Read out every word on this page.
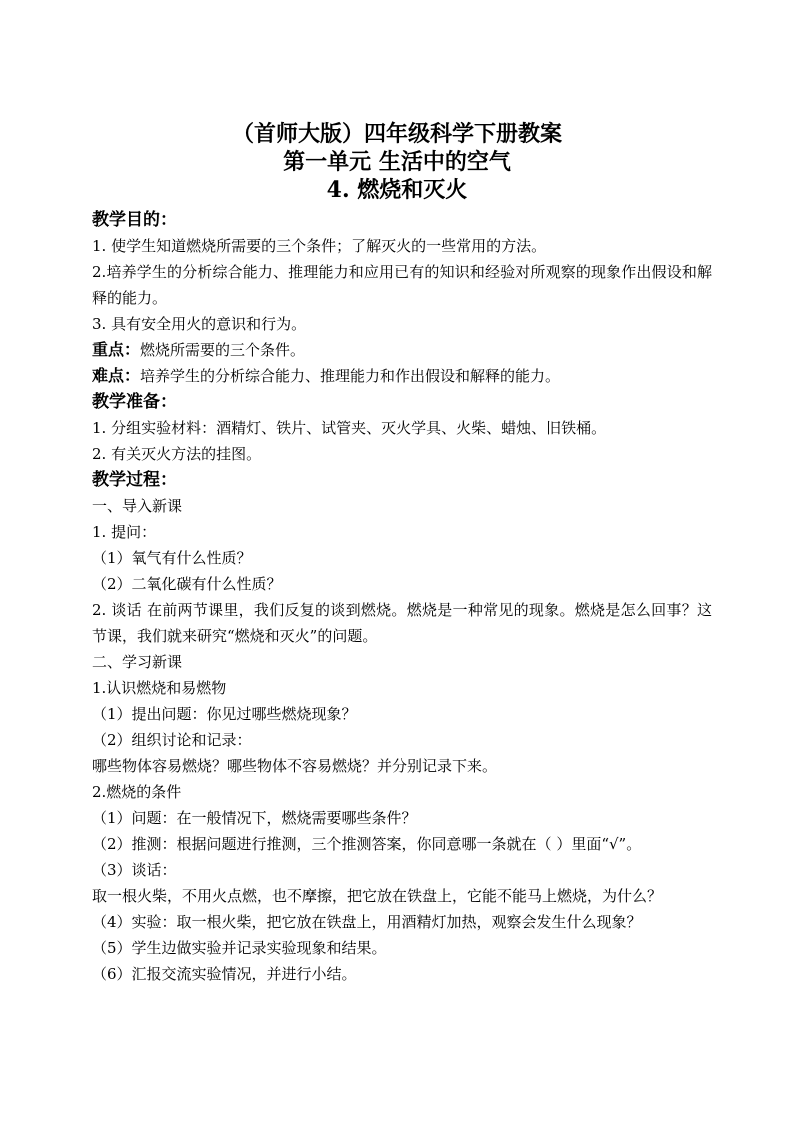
（首师大版）四年级科学下册教案
第一单元 生活中的空气
4. 燃烧和灭火
教学目的：
1. 使学生知道燃烧所需要的三个条件；了解灭火的一些常用的方法。
2.培养学生的分析综合能力、推理能力和应用已有的知识和经验对所观察的现象作出假设和解释的能力。
3. 具有安全用火的意识和行为。
重点：燃烧所需要的三个条件。
难点：培养学生的分析综合能力、推理能力和作出假设和解释的能力。
教学准备：
1. 分组实验材料：酒精灯、铁片、试管夹、灭火学具、火柴、蜡烛、旧铁桶。
2. 有关灭火方法的挂图。
教学过程：
一、导入新课
1. 提问：
（1）氧气有什么性质？
（2）二氧化碳有什么性质？
2. 谈话 在前两节课里，我们反复的谈到燃烧。燃烧是一种常见的现象。燃烧是怎么回事？这节课，我们就来研究“燃烧和灭火”的问题。
二、学习新课
1.认识燃烧和易燃物
（1）提出问题：你见过哪些燃烧现象？
（2）组织讨论和记录：
哪些物体容易燃烧？哪些物体不容易燃烧？并分别记录下来。
2.燃烧的条件
（1）问题：在一般情况下，燃烧需要哪些条件？
（2）推测：根据问题进行推测，三个推测答案，你同意哪一条就在（ ）里面“√”。
（3）谈话：
取一根火柴，不用火点燃，也不摩擦，把它放在铁盘上，它能不能马上燃烧，为什么？
（4）实验：取一根火柴，把它放在铁盘上，用酒精灯加热，观察会发生什么现象？
（5）学生边做实验并记录实验现象和结果。
（6）汇报交流实验情况，并进行小结。
